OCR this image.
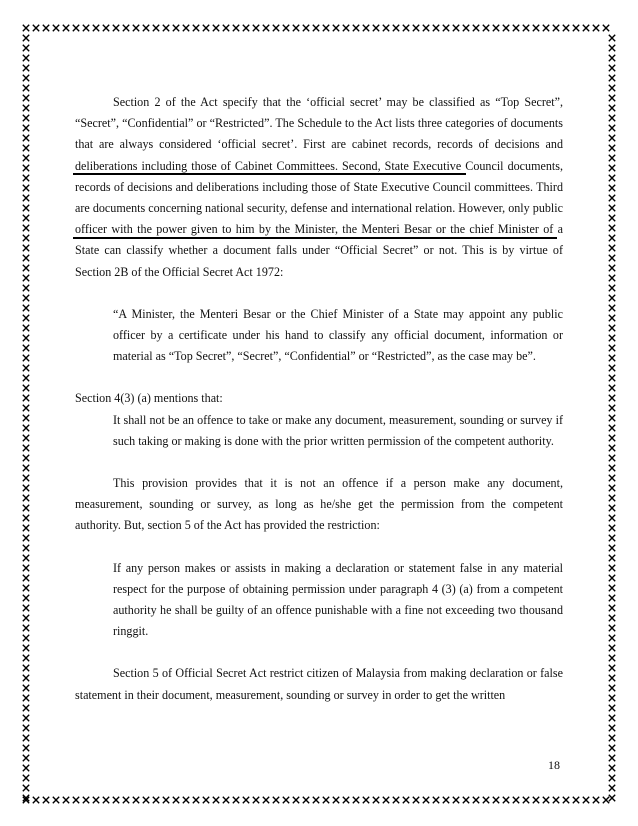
Section 2 of the Act specify that the ‘official secret’ may be classified as “Top Secret”, “Secret”, “Confidential” or “Restricted”. The Schedule to the Act lists three categories of documents that are always considered ‘official secret’. First are cabinet records, records of decisions and deliberations including those of Cabinet Committees. Second, State Executive Council documents, records of decisions and deliberations including those of State Executive Council committees. Third are documents concerning national security, defense and international relation. However, only public officer with the power given to him by the Minister, the Menteri Besar or the chief Minister of a State can classify whether a document falls under “Official Secret” or not. This is by virtue of Section 2B of the Official Secret Act 1972:

“A Minister, the Menteri Besar or the Chief Minister of a State may appoint any public officer by a certificate under his hand to classify any official document, information or material as “Top Secret”, “Secret”, “Confidential” or “Restricted”, as the case may be”.

Section 4(3) (a) mentions that:

It shall not be an offence to take or make any document, measurement, sounding or survey if such taking or making is done with the prior written permission of the competent authority.

This provision provides that it is not an offence if a person make any document, measurement, sounding or survey, as long as he/she get the permission from the competent authority. But, section 5 of the Act has provided the restriction:

If any person makes or assists in making a declaration or statement false in any material respect for the purpose of obtaining permission under paragraph 4 (3) (a) from a competent authority he shall be guilty of an offence punishable with a fine not exceeding two thousand ringgit.

Section 5 of Official Secret Act restrict citizen of Malaysia from making declaration or false statement in their document, measurement, sounding or survey in order to get the written

18
